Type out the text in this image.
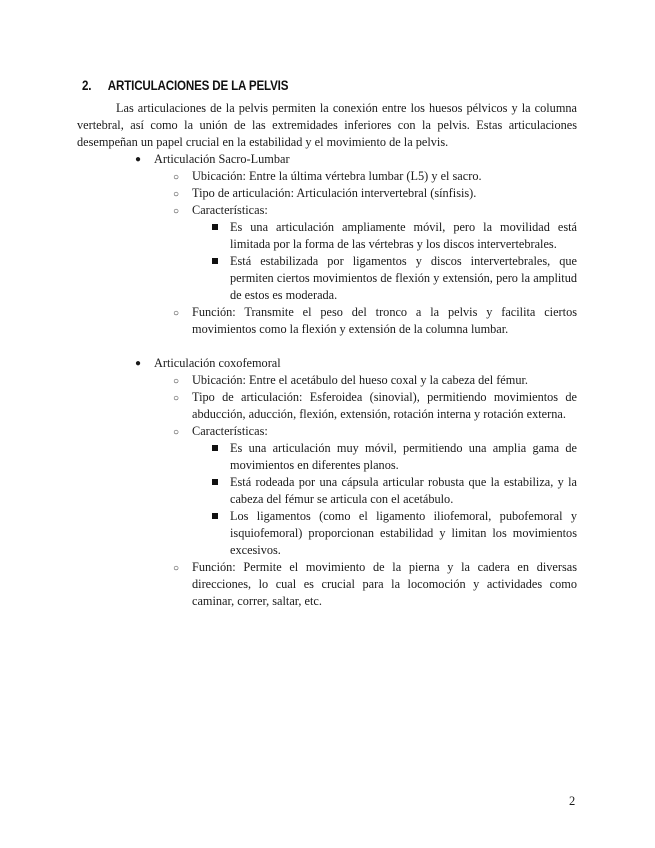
2. ARTICULACIONES DE LA PELVIS

Las articulaciones de la pelvis permiten la conexión entre los huesos pélvicos y la columna vertebral, así como la unión de las extremidades inferiores con la pelvis. Estas articulaciones desempeñan un papel crucial en la estabilidad y el movimiento de la pelvis.

● Articulación Sacro-Lumbar
○ Ubicación: Entre la última vértebra lumbar (L5) y el sacro.
○ Tipo de articulación: Articulación intervertebral (sínfisis).
○ Características:
Es una articulación ampliamente móvil, pero la movilidad está limitada por la forma de las vértebras y los discos intervertebrales.
Está estabilizada por ligamentos y discos intervertebrales, que permiten ciertos movimientos de flexión y extensión, pero la amplitud de estos es moderada.
○ Función: Transmite el peso del tronco a la pelvis y facilita ciertos movimientos como la flexión y extensión de la columna lumbar.
● Articulación coxofemoral
○ Ubicación: Entre el acetábulo del hueso coxal y la cabeza del fémur.
○ Tipo de articulación: Esferoidea (sinovial), permitiendo movimientos de abducción, aducción, flexión, extensión, rotación interna y rotación externa.
○ Características:
Es una articulación muy móvil, permitiendo una amplia gama de movimientos en diferentes planos.
Está rodeada por una cápsula articular robusta que la estabiliza, y la cabeza del fémur se articula con el acetábulo.
Los ligamentos (como el ligamento iliofemoral, pubofemoral y isquiofemoral) proporcionan estabilidad y limitan los movimientos excesivos.
○ Función: Permite el movimiento de la pierna y la cadera en diversas direcciones, lo cual es crucial para la locomoción y actividades como caminar, correr, saltar, etc.
2
